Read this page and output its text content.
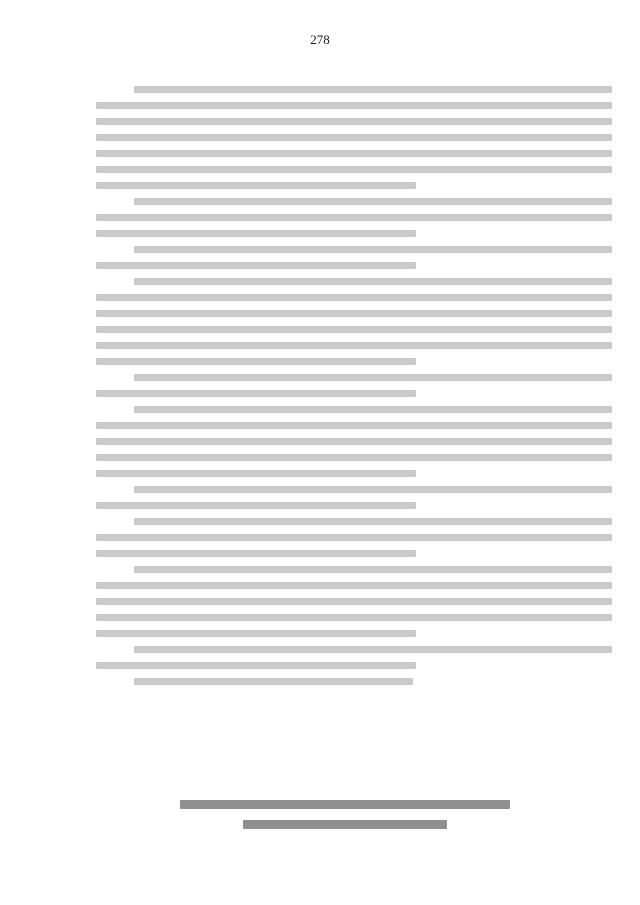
278
